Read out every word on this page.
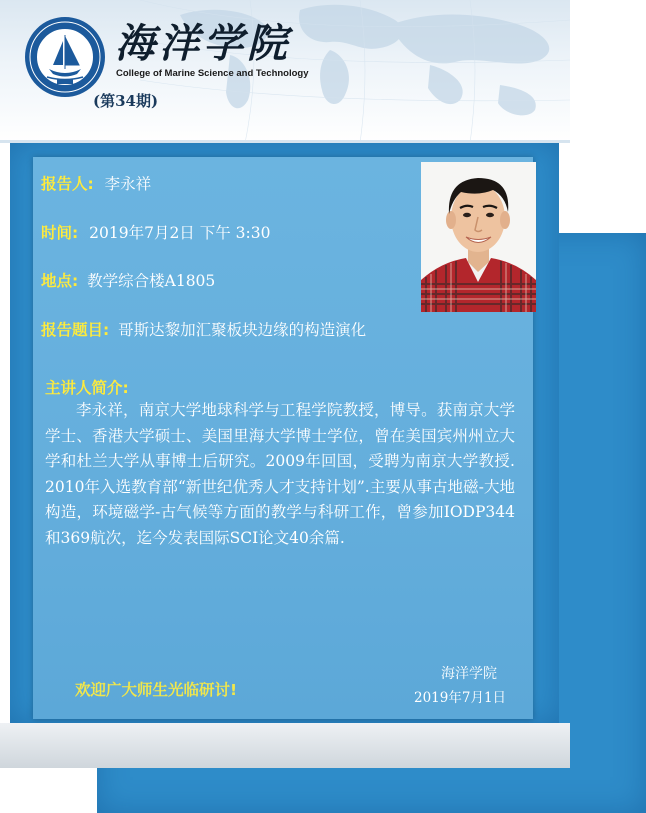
海洋学院
College of Marine Science and Technology
(第34期)
报告人: 李永祥
时间: 2019年7月2日 下午 3:30
地点: 教学综合楼A1805
报告题目: 哥斯达黎加汇聚板块边缘的构造演化
主讲人简介:

李永祥，南京大学地球科学与工程学院教授，博导。获南京大学学士、香港大学硕士、美国里海大学博士学位，曾在美国宾州州立大学和杜兰大学从事博士后研究。2009年回国，受聘为南京大学教授. 2010年入选教育部“新世纪优秀人才支持计划”.主要从事古地磁-大地构造，环境磁学-古气候等方面的教学与科研工作，曾参加IODP344和369航次，迄今发表国际SCI论文40余篇.

欢迎广大师生光临研讨!
海洋学院
2019年7月1日
